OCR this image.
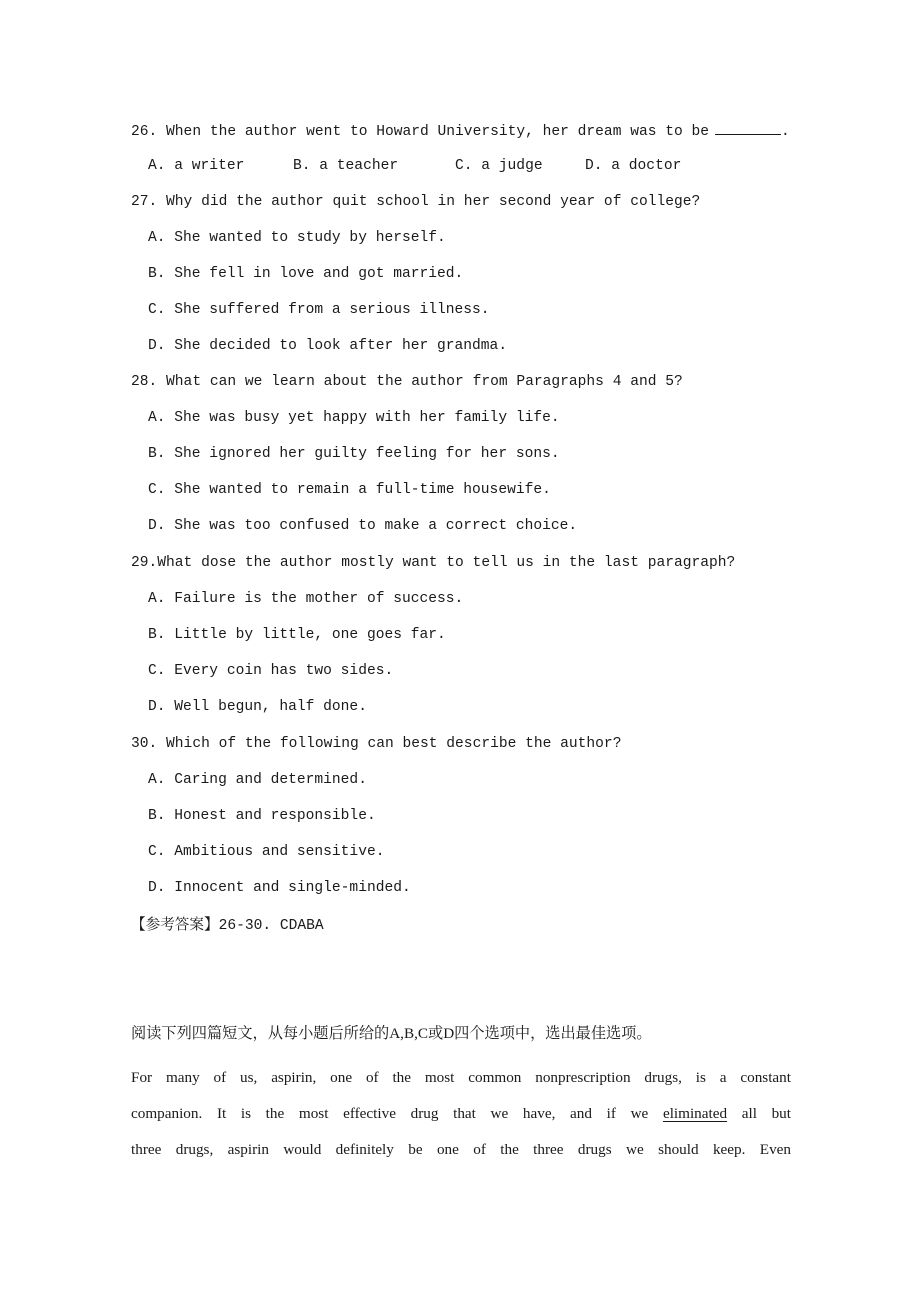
26. When the author went to Howard University, her dream was to be	.

A. a writer

	B. a teacher

	C. a judge

	D. a doctor

27. Why did the author quit school in her second year of college?
A. She wanted to study by herself.
B. She fell in love and got married.
C. She suffered from a serious illness.
D. She decided to look after her grandma.
28. What can we learn about the author from Paragraphs 4 and 5?
A. She was busy yet happy with her family life.
B. She ignored her guilty feeling for her sons.
C. She wanted to remain a full-time housewife.
D. She was too confused to make a correct choice.
29.What dose the author mostly want to tell us in the last paragraph?
A. Failure is the mother of success.
B. Little by little, one goes far.
C. Every coin has two sides.
D. Well begun, half done.
30. Which of the following can best describe the author?
A. Caring and determined.
B. Honest and responsible.
C. Ambitious and sensitive.
D. Innocent and single-minded.
【参考答案】26-30. CDABA
阅读下列四篇短文，从每小题后所给的A,B,C或D四个选项中，选出最佳选项。
For many of us, aspirin, one of the most common nonprescription drugs, is a constant
companion. It is the most effective drug that we have, and if we eliminated all but
three drugs, aspirin would definitely be one of the three drugs we should keep. Even
